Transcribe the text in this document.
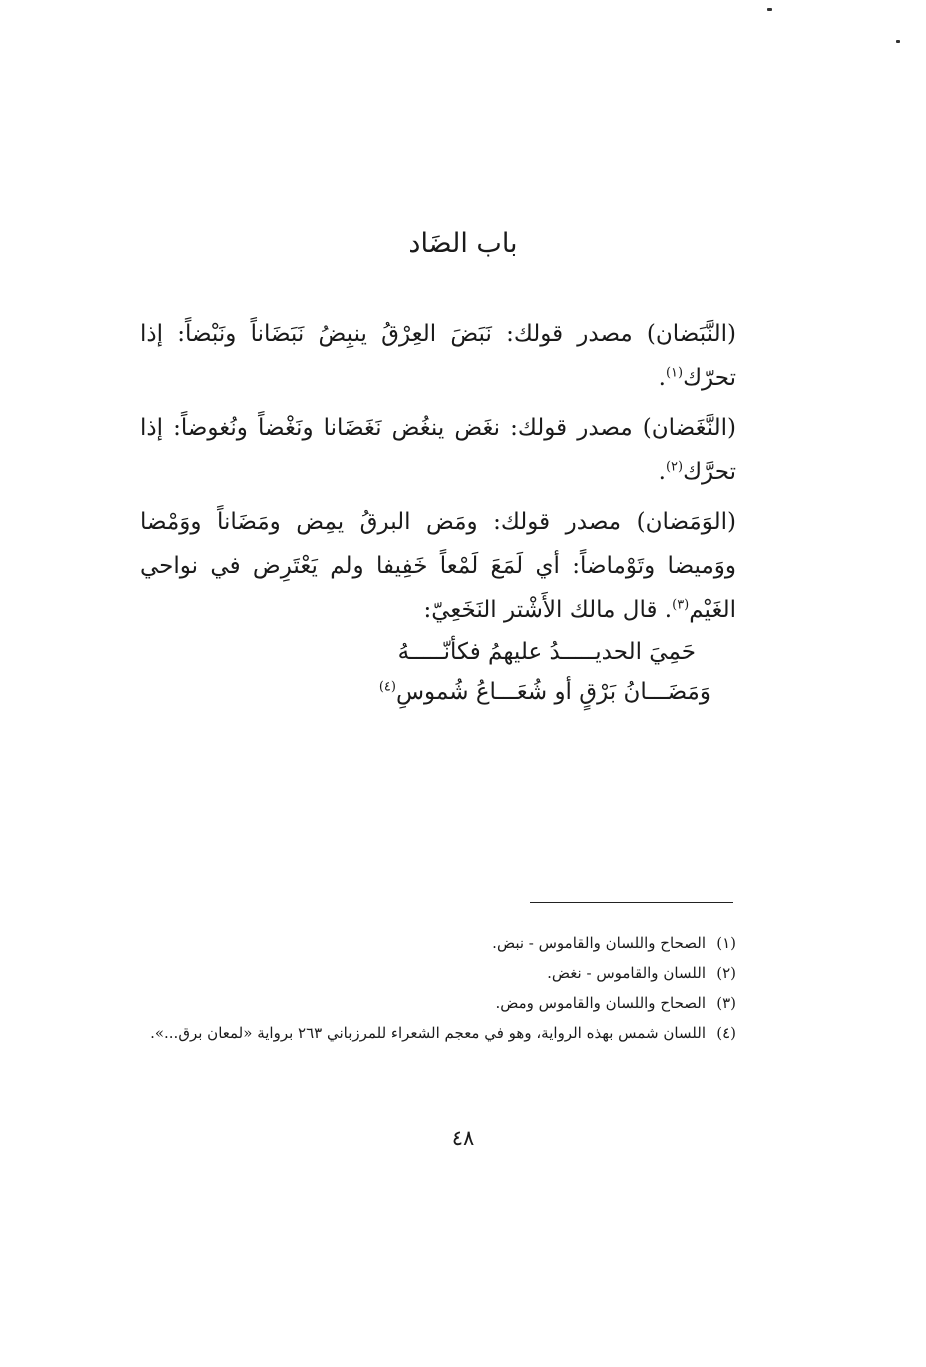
باب الضَاد

(النَّبَضان) مصدر قولك: نَبَضَ العِرْقُ ينبِضُ نَبَضَاناً ونَبْضاً: إذا تحرّك$^{(١)}$.

(النَّغَضان) مصدر قولك: نغَض ينغُض نَغَضَانا ونَغْضاً ونُغوضاً: إذا تحرَّك$^{(٢)}$.

(الوَمَضان) مصدر قولك: ومَض البرقُ يمِض ومَضَاناً ووَمْضا ووَميضا وتَوْماضاً: أي لَمَعَ لَمْعاً خَفِيفا ولم يَعْتَرِض في نواحي الغَيْم$^{(٣)}$. قال مالك الأَشْتر النَخَعِيّ:

حَمِيَ الحديـــــدُ عليهمُ فكأنّـــــهُ
وَمَضَـــانُ بَرْقٍ أو شُعَـــاعُ شُموسِ$^{(٤)}$
(١)
الصحاح واللسان والقاموس - نبض.
(٢)
اللسان والقاموس - نغض.
(٣)
الصحاح واللسان والقاموس ومض.
(٤)
اللسان شمس بهذه الرواية، وهو في معجم الشعراء للمرزباني ٢٦٣ برواية «لمعان برق...».
٤٨
